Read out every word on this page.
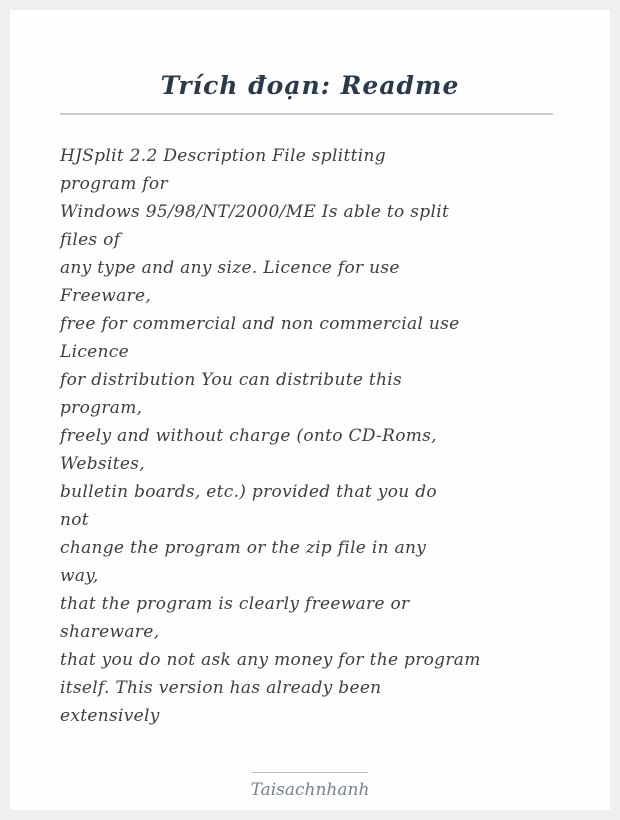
Trích đoạn: Readme
HJSplit 2.2 Description File splitting
program for
Windows 95/98/NT/2000/ME Is able to split
files of
any type and any size. Licence for use
Freeware,
free for commercial and non commercial use
Licence
for distribution You can distribute this
program,
freely and without charge (onto CD-Roms,
Websites,
bulletin boards, etc.) provided that you do
not
change the program or the zip file in any
way,
that the program is clearly freeware or
shareware,
that you do not ask any money for the program
itself. This version has already been
extensively
Taisachnhanh
